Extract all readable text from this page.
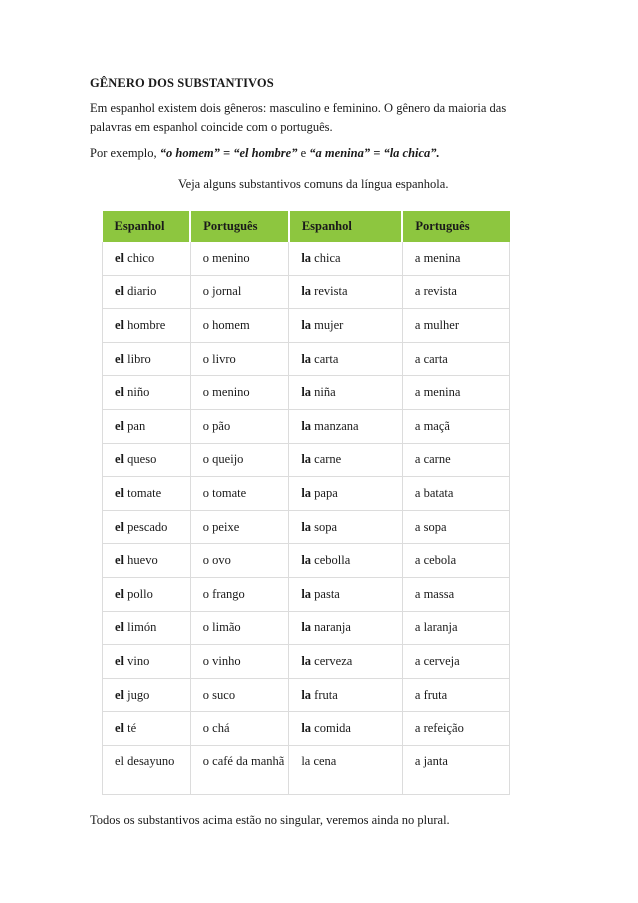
GÊNERO DOS SUBSTANTIVOS
Em espanhol existem dois gêneros: masculino e feminino. O gênero da maioria das palavras em espanhol coincide com o português.
Por exemplo, “o homem” = “el hombre” e “a menina” = “la chica”.
Veja alguns substantivos comuns da língua espanhola.
Espanhol	Português	Espanhol	Português
el chico	o menino	la chica	a menina
el diario	o jornal	la revista	a revista
el hombre	o homem	la mujer	a mulher
el libro	o livro	la carta	a carta
el niño	o menino	la niña	a menina
el pan	o pão	la manzana	a maçã
el queso	o queijo	la carne	a carne
el tomate	o tomate	la papa	a batata
el pescado	o peixe	la sopa	a sopa
el huevo	o ovo	la cebolla	a cebola
el pollo	o frango	la pasta	a massa
el limón	o limão	la naranja	a laranja
el vino	o vinho	la cerveza	a cerveja
el jugo	o suco	la fruta	a fruta
el té	o chá	la comida	a refeição
el desayuno	o café da manhã	la cena	a janta
Todos os substantivos acima estão no singular, veremos ainda no plural.
